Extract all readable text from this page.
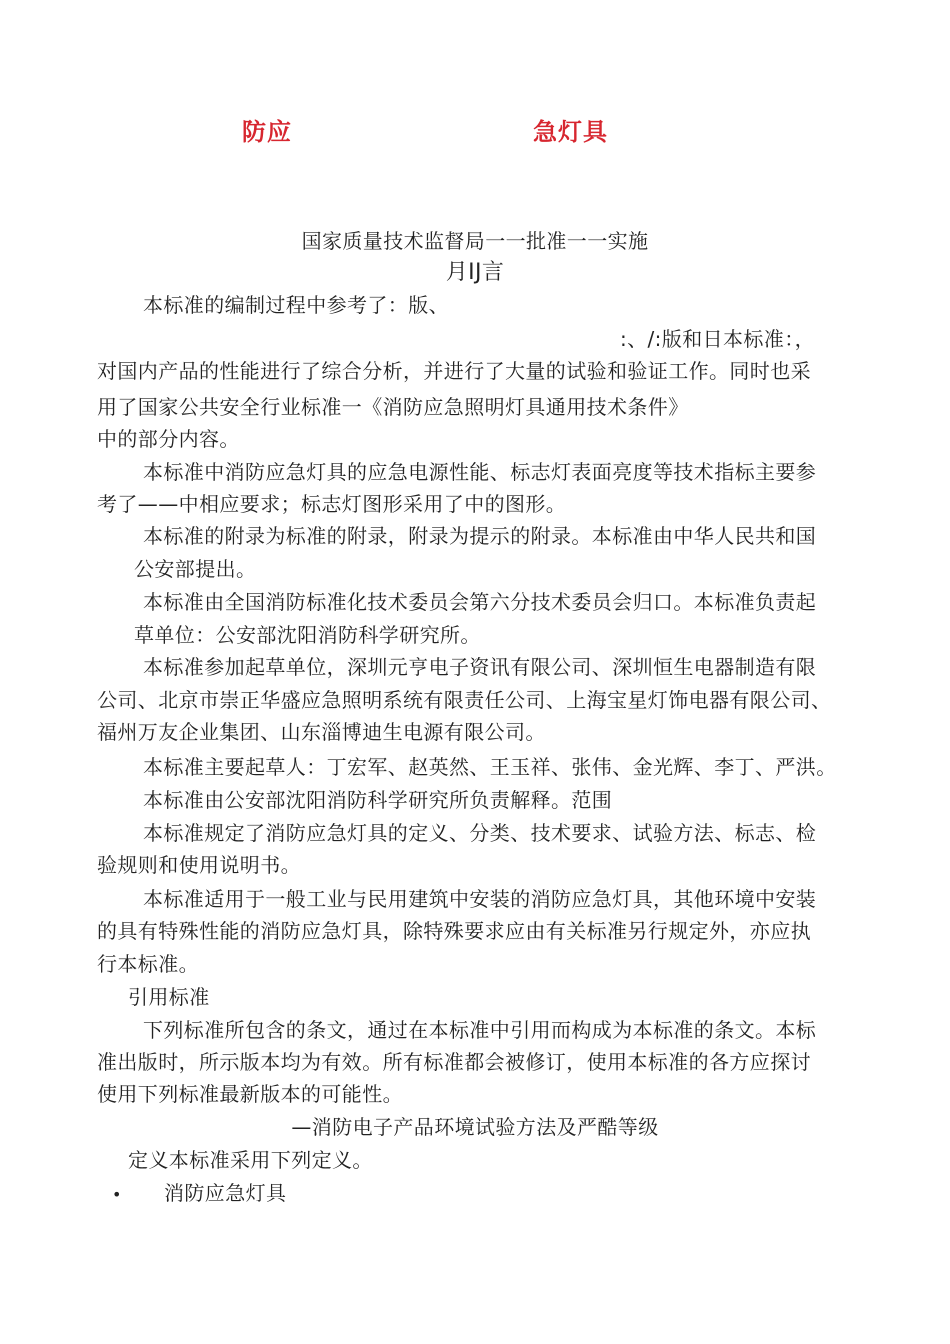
防应	急灯具
国家质量技术监督局一一批准一一实施
月IJ言
本标准的编制过程中参考了：版、
:、/:版和日本标准：，
对国内产品的性能进行了综合分析，并进行了大量的试验和验证工作。同时也采
用了国家公共安全行业标准一《消防应急照明灯具通用技术条件》
中的部分内容。
本标准中消防应急灯具的应急电源性能、标志灯表面亮度等技术指标主要参
考了——中相应要求；标志灯图形采用了中的图形。
本标准的附录为标准的附录，附录为提示的附录。本标准由中华人民共和国
公安部提出。
本标准由全国消防标准化技术委员会第六分技术委员会归口。本标准负责起
草单位：公安部沈阳消防科学研究所。
本标准参加起草单位，深圳元亨电子资讯有限公司、深圳恒生电器制造有限
公司、北京市崇正华盛应急照明系统有限责任公司、上海宝星灯饰电器有限公司、
福州万友企业集团、山东淄博迪生电源有限公司。
本标准主要起草人：丁宏军、赵英然、王玉祥、张伟、金光辉、李丁、严洪。
本标准由公安部沈阳消防科学研究所负责解释。范围
本标准规定了消防应急灯具的定义、分类、技术要求、试验方法、标志、检
验规则和使用说明书。
本标准适用于一般工业与民用建筑中安装的消防应急灯具，其他环境中安装
的具有特殊性能的消防应急灯具，除特殊要求应由有关标准另行规定外，亦应执
行本标准。
引用标准
下列标准所包含的条文，通过在本标准中引用而构成为本标准的条文。本标
准出版时，所示版本均为有效。所有标准都会被修订，使用本标准的各方应探讨
使用下列标准最新版本的可能性。
—消防电子产品环境试验方法及严酷等级
定义本标准采用下列定义。
• 消防应急灯具
